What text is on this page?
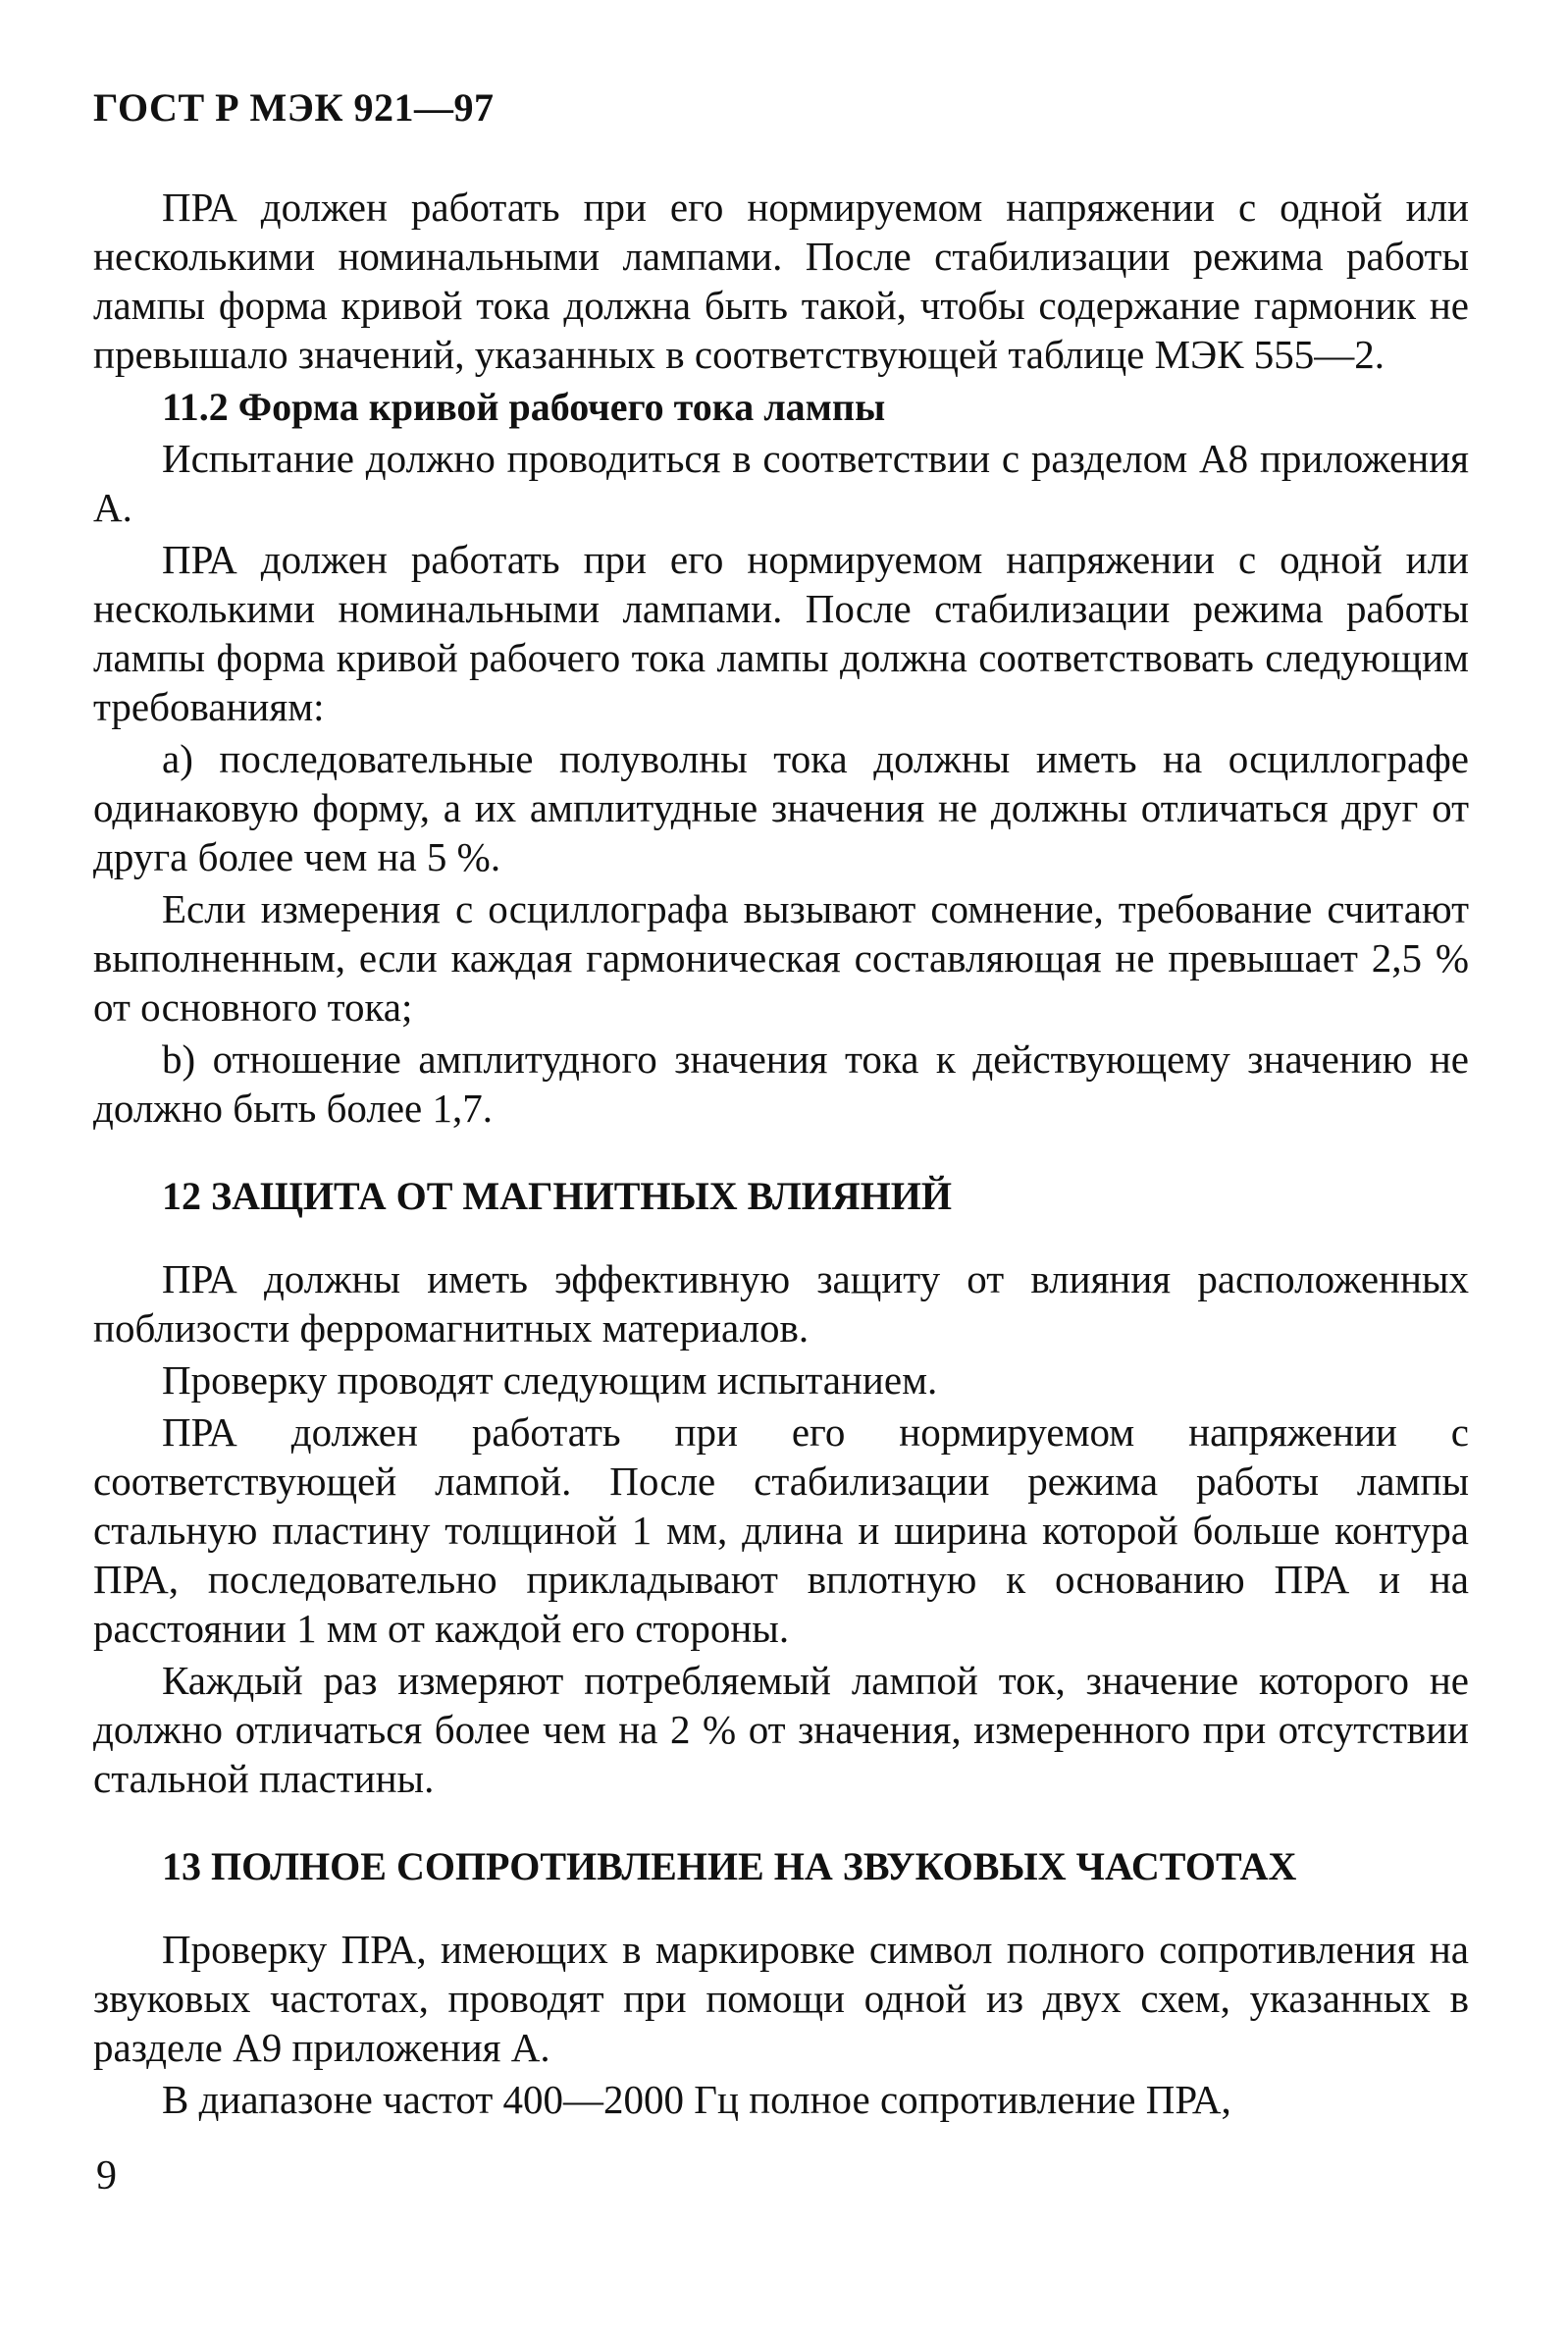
ГОСТ Р МЭК 921—97

ПРА должен работать при его нормируемом напряжении с одной или несколькими номинальными лампами. После стабилизации режима работы лампы форма кривой тока должна быть такой, чтобы содержание гармоник не превышало значений, указанных в соответствующей таблице МЭК 555—2.

11.2 Форма кривой рабочего тока лампы

Испытание должно проводиться в соответствии с разделом А8 приложения А.

ПРА должен работать при его нормируемом напряжении с одной или несколькими номинальными лампами. После стабилизации режима работы лампы форма кривой рабочего тока лампы должна соответствовать следующим требованиям:

а) последовательные полуволны тока должны иметь на осциллографе одинаковую форму, а их амплитудные значения не должны отличаться друг от друга более чем на 5 %.

Если измерения с осциллографа вызывают сомнение, требование считают выполненным, если каждая гармоническая составляющая не превышает 2,5 % от основного тока;

b) отношение амплитудного значения тока к действующему значению не должно быть более 1,7.

12 ЗАЩИТА ОТ МАГНИТНЫХ ВЛИЯНИЙ

ПРА должны иметь эффективную защиту от влияния расположенных поблизости ферромагнитных материалов.

Проверку проводят следующим испытанием.

ПРА должен работать при его нормируемом напряжении с соответствующей лампой. После стабилизации режима работы лампы стальную пластину толщиной 1 мм, длина и ширина которой больше контура ПРА, последовательно прикладывают вплотную к основанию ПРА и на расстоянии 1 мм от каждой его стороны.

Каждый раз измеряют потребляемый лампой ток, значение которого не должно отличаться более чем на 2 % от значения, измеренного при отсутствии стальной пластины.

13 ПОЛНОЕ СОПРОТИВЛЕНИЕ НА ЗВУКОВЫХ ЧАСТОТАХ

Проверку ПРА, имеющих в маркировке символ полного сопротивления на звуковых частотах, проводят при помощи одной из двух схем, указанных в разделе А9 приложения А.

В диапазоне частот 400—2000 Гц полное сопротивление ПРА,

9
